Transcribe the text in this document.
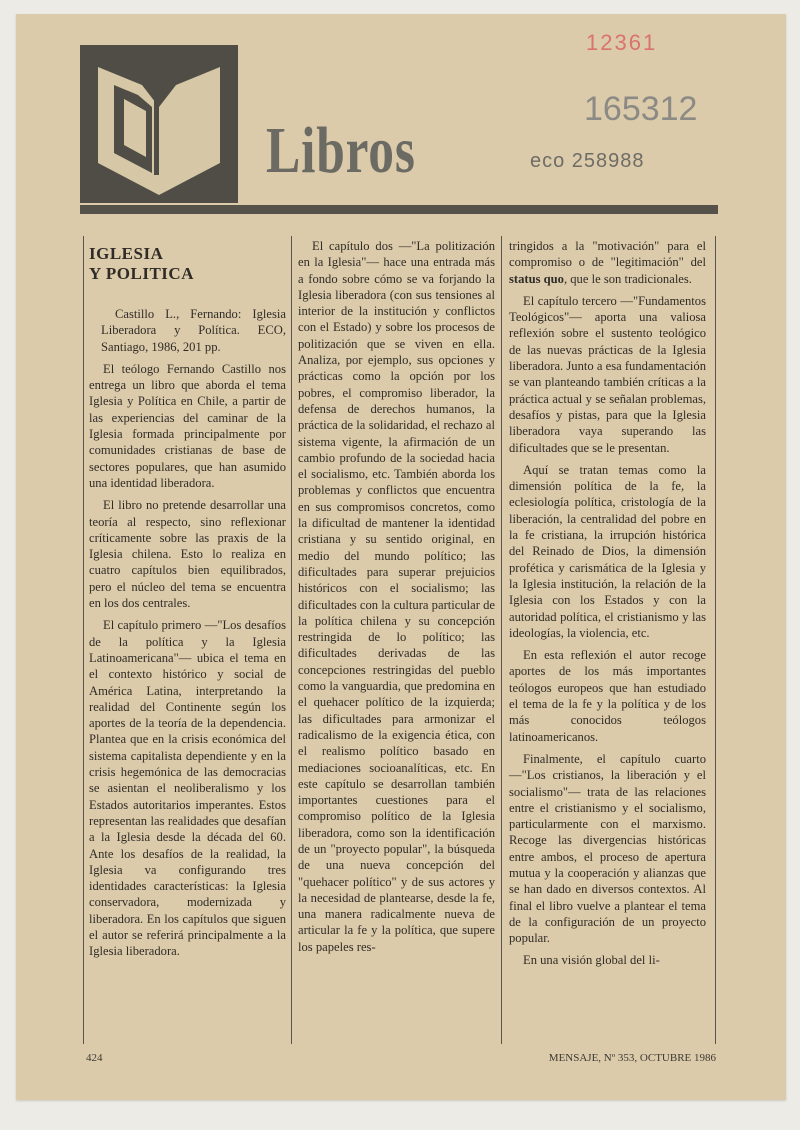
Libros
12361
165312
eco 258988
IGLESIA
Y POLITICA

Castillo L., Fernando: Iglesia Liberadora y Política. ECO, Santiago, 1986, 201 pp.

El teólogo Fernando Castillo nos entrega un libro que aborda el tema Iglesia y Política en Chile, a partir de las experiencias del caminar de la Iglesia formada principalmente por comunidades cristianas de base de sectores populares, que han asumido una identidad liberadora.

El libro no pretende desarrollar una teoría al respecto, sino reflexionar críticamente sobre las praxis de la Iglesia chilena. Esto lo realiza en cuatro capítulos bien equilibrados, pero el núcleo del tema se encuentra en los dos centrales.

El capítulo primero —"Los desafíos de la política y la Iglesia Latinoamericana"— ubica el tema en el contexto histórico y social de América Latina, interpretando la realidad del Continente según los aportes de la teoría de la dependencia. Plantea que en la crisis económica del sistema capitalista dependiente y en la crisis hegemónica de las democracias se asientan el neoliberalismo y los Estados autoritarios imperantes. Estos representan las realidades que desafían a la Iglesia desde la década del 60. Ante los desafíos de la realidad, la Iglesia va configurando tres identidades características: la Iglesia conservadora, modernizada y liberadora. En los capítulos que siguen el autor se referirá principalmente a la Iglesia liberadora.

El capítulo dos —"La politización en la Iglesia"— hace una entrada más a fondo sobre cómo se va forjando la Iglesia liberadora (con sus tensiones al interior de la institución y conflictos con el Estado) y sobre los procesos de politización que se viven en ella. Analiza, por ejemplo, sus opciones y prácticas como la opción por los pobres, el compromiso liberador, la defensa de derechos humanos, la práctica de la solidaridad, el rechazo al sistema vigente, la afirmación de un cambio profundo de la sociedad hacia el socialismo, etc. También aborda los problemas y conflictos que encuentra en sus compromisos concretos, como la dificultad de mantener la identidad cristiana y su sentido original, en medio del mundo político; las dificultades para superar prejuicios históricos con el socialismo; las dificultades con la cultura particular de la política chilena y su concepción restringida de lo político; las dificultades derivadas de las concepciones restringidas del pueblo como la vanguardia, que predomina en el quehacer político de la izquierda; las dificultades para armonizar el radicalismo de la exigencia ética, con el realismo político basado en mediaciones socioanalíticas, etc. En este capítulo se desarrollan también importantes cuestiones para el compromiso político de la Iglesia liberadora, como son la identificación de un "proyecto popular", la búsqueda de una nueva concepción del "quehacer político" y de sus actores y la necesidad de plantearse, desde la fe, una manera radicalmente nueva de articular la fe y la política, que supere los papeles res-

tringidos a la "motivación" para el compromiso o de "legitimación" del status quo, que le son tradicionales.

El capítulo tercero —"Fundamentos Teológicos"— aporta una valiosa reflexión sobre el sustento teológico de las nuevas prácticas de la Iglesia liberadora. Junto a esa fundamentación se van planteando también críticas a la práctica actual y se señalan problemas, desafíos y pistas, para que la Iglesia liberadora vaya superando las dificultades que se le presentan.

Aquí se tratan temas como la dimensión política de la fe, la eclesiología política, cristología de la liberación, la centralidad del pobre en la fe cristiana, la irrupción histórica del Reinado de Dios, la dimensión profética y carismática de la Iglesia y la Iglesia institución, la relación de la Iglesia con los Estados y con la autoridad política, el cristianismo y las ideologías, la violencia, etc.

En esta reflexión el autor recoge aportes de los más importantes teólogos europeos que han estudiado el tema de la fe y la política y de los más conocidos teólogos latinoamericanos.

Finalmente, el capítulo cuarto —"Los cristianos, la liberación y el socialismo"— trata de las relaciones entre el cristianismo y el socialismo, particularmente con el marxismo. Recoge las divergencias históricas entre ambos, el proceso de apertura mutua y la cooperación y alianzas que se han dado en diversos contextos. Al final el libro vuelve a plantear el tema de la configuración de un proyecto popular.

En una visión global del li-

424	MENSAJE, Nº 353, OCTUBRE 1986
